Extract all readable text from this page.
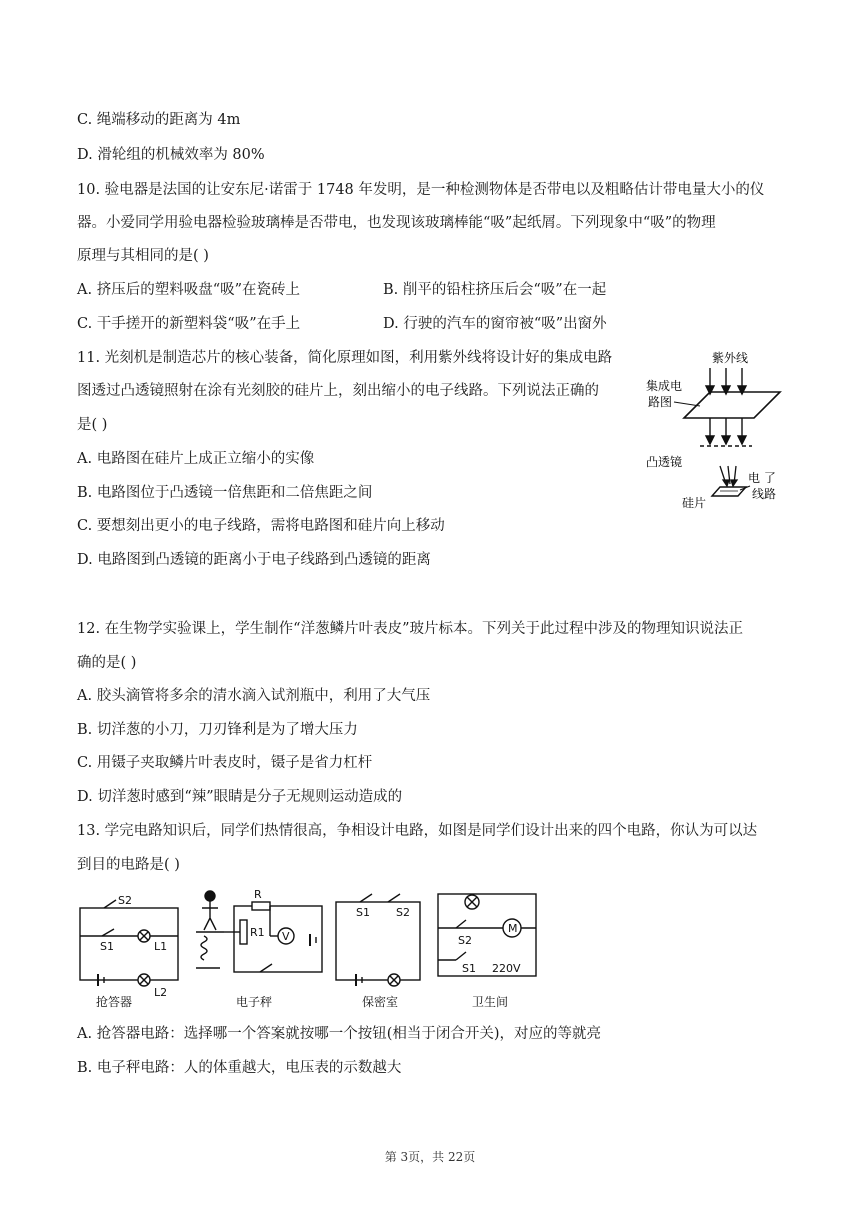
C. 绳端移动的距离为 4m
D. 滑轮组的机械效率为 80%
10. 验电器是法国的让安东尼·诺雷于 1748 年发明，是一种检测物体是否带电以及粗略估计带电量大小的仪
器。小爱同学用验电器检验玻璃棒是否带电，也发现该玻璃棒能“吸”起纸屑。下列现象中“吸”的物理
原理与其相同的是( )
A. 挤压后的塑料吸盘“吸”在瓷砖上	B. 削平的铅柱挤压后会“吸”在一起
C. 干手搓开的新塑料袋“吸”在手上	D. 行驶的汽车的窗帘被“吸”出窗外
11. 光刻机是制造芯片的核心装备，简化原理如图，利用紫外线将设计好的集成电路
图透过凸透镜照射在涂有光刻胶的硅片上，刻出缩小的电子线路。下列说法正确的
是( )
A. 电路图在硅片上成正立缩小的实像
B. 电路图位于凸透镜一倍焦距和二倍焦距之间
C. 要想刻出更小的电子线路，需将电路图和硅片向上移动
D. 电路图到凸透镜的距离小于电子线路到凸透镜的距离
紫外线
集成电
路图
凸透镜
硅片
电 了
线路
12. 在生物学实验课上，学生制作“洋葱鳞片叶表皮”玻片标本。下列关于此过程中涉及的物理知识说法正
确的是( )
A. 胶头滴管将多余的清水滴入试剂瓶中，利用了大气压
B. 切洋葱的小刀，刀刃锋利是为了增大压力
C. 用镊子夹取鳞片叶表皮时，镊子是省力杠杆
D. 切洋葱时感到“辣”眼睛是分子无规则运动造成的
13. 学完电路知识后，同学们热情很高，争相设计电路，如图是同学们设计出来的四个电路，你认为可以达
到目的电路是( )
S2
S1	L1
L2
R
R1 V
S1 S2
M
S2
S1 220V
抢答器	电子秤	保密室	卫生间
A. 抢答器电路：选择哪一个答案就按哪一个按钮(相当于闭合开关)，对应的等就亮
B. 电子秤电路：人的体重越大，电压表的示数越大
第 3页，共 22页
